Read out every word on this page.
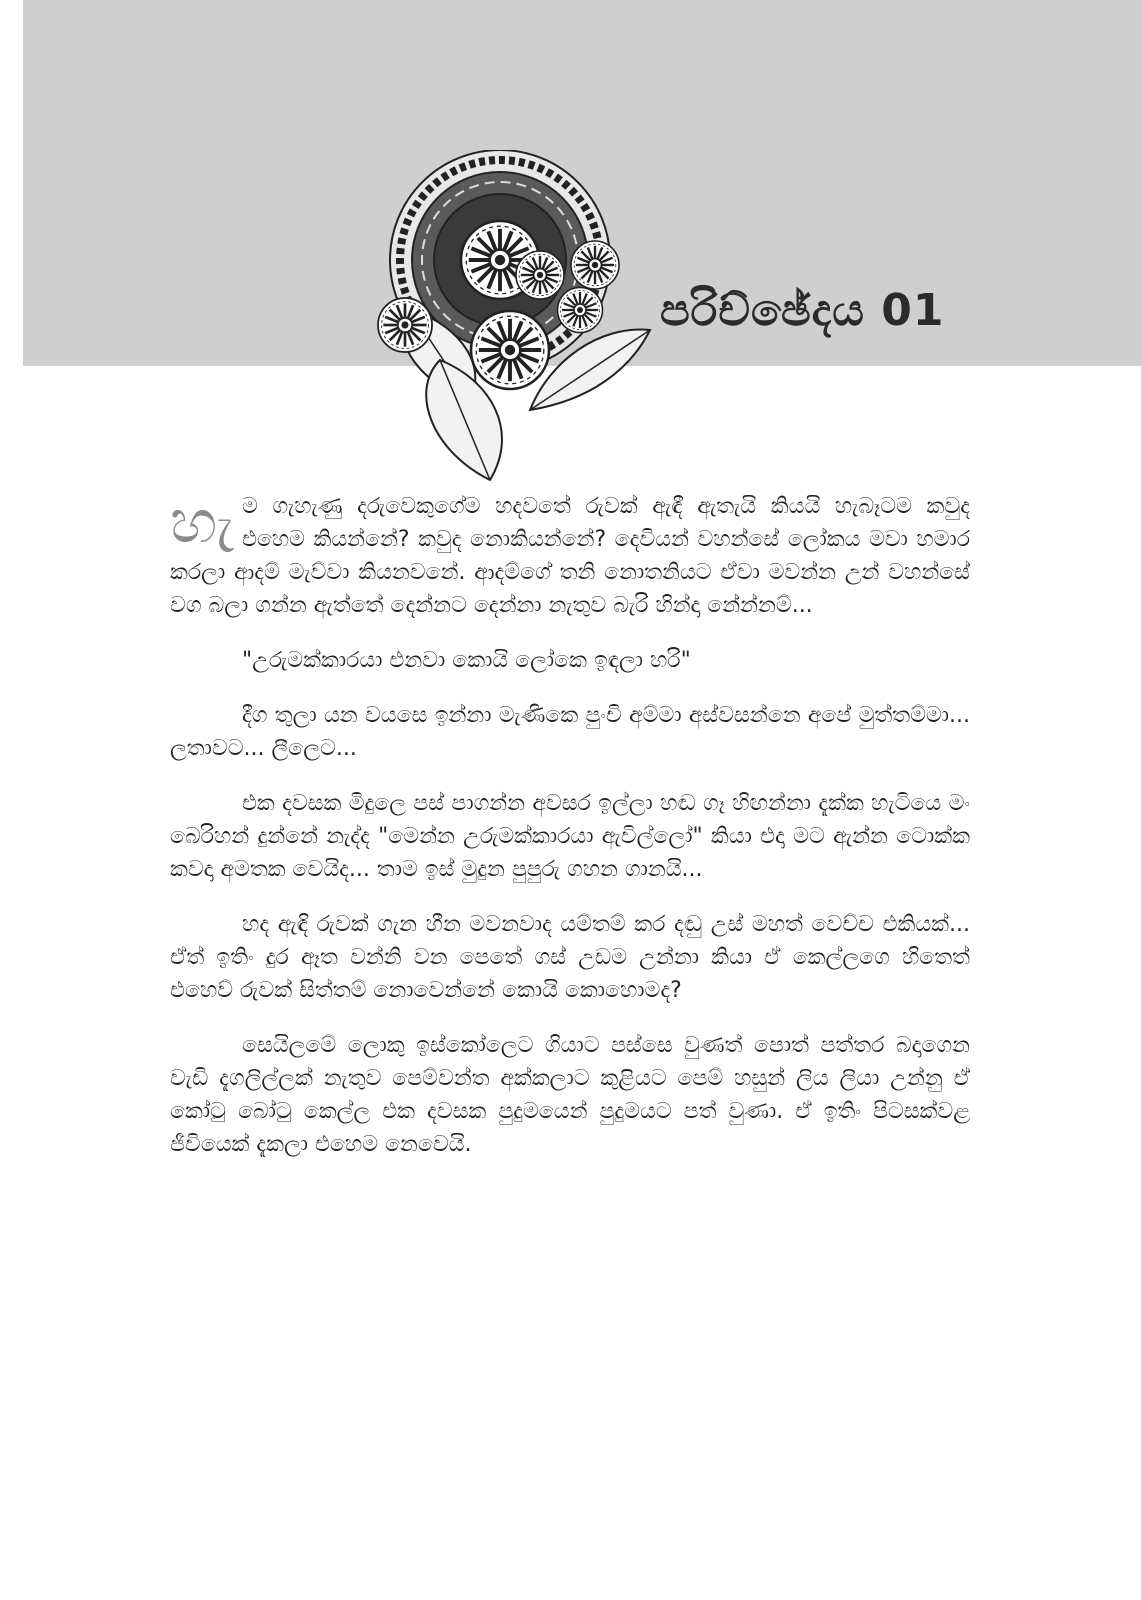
පරිච්ඡේදය 01

හැ ම ගැහැණු දරුවෙකුගේම හදවතේ රුවක් ඇඳී ඇතැයි කියයි හැබෑටම කවුද එහෙම කියන්නේ? කවුද නොකියන්නේ? දෙවියන් වහන්සේ ලෝකය මවා හමාර කරලා ආදම් මැව්වා කියනවනේ. ආදම්ගේ තනි නොතනියට ඒවා මවන්න උන් වහන්සේ වග බලා ගන්න ඇත්තේ දෙන්නට දෙන්නා නැතුව බැරි හින්දා නේන්නම්...

"උරුමක්කාරයා එනවා කොයි ලෝකෙ ඉඳලා හරි"

දීග තුලා යන වයසෙ ඉන්නා මැණිකෙ පුංචි අම්මා අස්වසන්නෙ අපේ මුත්තම්මා... ලතාවට... ලීලෙට...

එක දවසක මිදුලෙ පස් පාගන්න අවසර ඉල්ලා හඬ ගෑ හිඟන්නා දැක්ක හැටියෙ මං බෙරිහන් දුන්නේ නැද්ද "මෙන්න උරුමක්කාරයා ඇවිල්ලෝ" කියා එදා මට ඇන්න ටොක්ක කවදා අමතක වෙයිද... තාම ඉස් මුදුන පුපුරු ගහන ගානයි...

හද ඇඳි රුවක් ගැන හීන මවනවාද යම්තම් කර දඬු උස් මහත් වෙච්ච එකියක්... ඒත් ඉතිං දුර ඈත වන්නි වන පෙතේ ගස් උඩම උන්නා කියා ඒ කෙල්ලගෙ හිතෙත් එහෙව් රුවක් සිත්තම් නොවෙන්නේ කොයි කොහොමද?

සෙයිලමේ ලොකු ඉස්කෝලෙට ගියාට පස්සෙ වුණත් පොත් පත්තර බදාගෙන වැඩි දැගලිල්ලක් නැතුව පෙම්වන්ත අක්කලාට කුළියට පෙම් හසුන් ලිය ලියා උන්නු ඒ කෝටු බෝටු කෙල්ල එක දවසක පුදුමයෙන් පුදුමයට පත් වුණා. ඒ ඉතිං පිටසක්වළ ජීවියෙක් දැකලා එහෙම නෙවෙයි.
